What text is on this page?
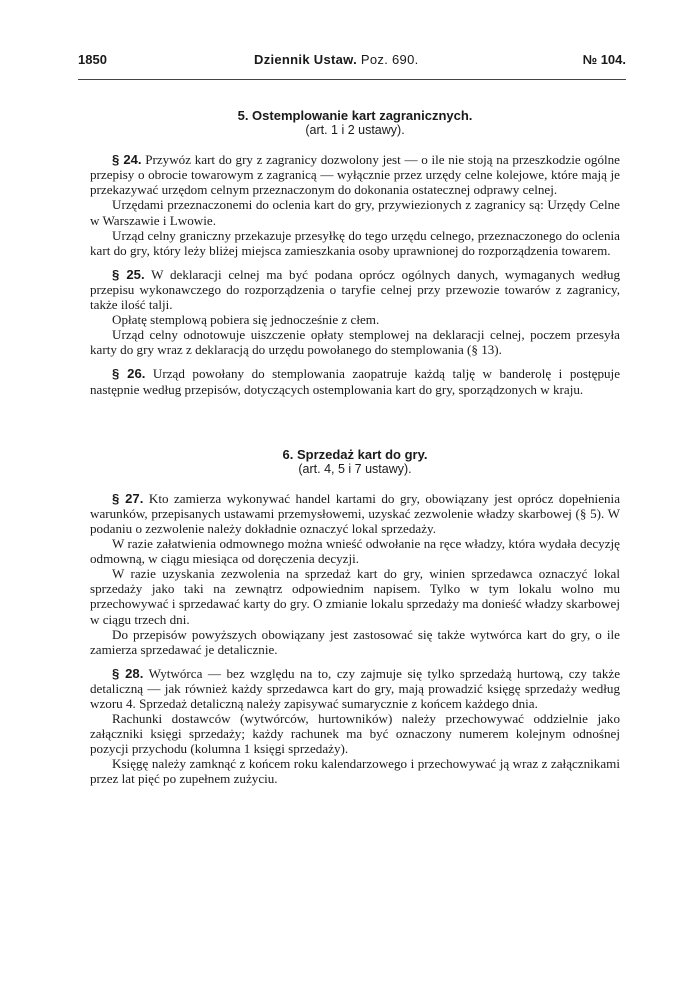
1850	Dziennik Ustaw. Poz. 690.	№ 104.
5. Ostemplowanie kart zagranicznych.
(art. 1 i 2 ustawy).

§ 24. Przywóz kart do gry z zagranicy dozwolony jest — o ile nie stoją na przeszkodzie ogólne przepisy o obrocie towarowym z zagranicą — wyłącznie przez urzędy celne kolejowe, które mają je przekazywać urzędom celnym przeznaczonym do dokonania ostatecznej odprawy celnej.

Urzędami przeznaczonemi do oclenia kart do gry, przywiezionych z zagranicy są: Urzędy Celne w Warszawie i Lwowie.

Urząd celny graniczny przekazuje przesyłkę do tego urzędu celnego, przeznaczonego do oclenia kart do gry, który leży bliżej miejsca zamieszkania osoby uprawnionej do rozporządzenia towarem.

§ 25. W deklaracji celnej ma być podana oprócz ogólnych danych, wymaganych według przepisu wykonawczego do rozporządzenia o taryfie celnej przy przewozie towarów z zagranicy, także ilość talji.

Opłatę stemplową pobiera się jednocześnie z cłem.

Urząd celny odnotowuje uiszczenie opłaty stemplowej na deklaracji celnej, poczem przesyła karty do gry wraz z deklaracją do urzędu powołanego do stemplowania (§ 13).

§ 26. Urząd powołany do stemplowania zaopatruje każdą talję w banderolę i postępuje następnie według przepisów, dotyczących ostemplowania kart do gry, sporządzonych w kraju.

6. Sprzedaż kart do gry.
(art. 4, 5 i 7 ustawy).

§ 27. Kto zamierza wykonywać handel kartami do gry, obowiązany jest oprócz dopełnienia warunków, przepisanych ustawami przemysłowemi, uzyskać zezwolenie władzy skarbowej (§ 5). W podaniu o zezwolenie należy dokładnie oznaczyć lokal sprzedaży.

W razie załatwienia odmownego można wnieść odwołanie na ręce władzy, która wydała decyzję odmowną, w ciągu miesiąca od doręczenia decyzji.

W razie uzyskania zezwolenia na sprzedaż kart do gry, winien sprzedawca oznaczyć lokal sprzedaży jako taki na zewnątrz odpowiednim napisem. Tylko w tym lokalu wolno mu przechowywać i sprzedawać karty do gry. O zmianie lokalu sprzedaży ma donieść władzy skarbowej w ciągu trzech dni.

Do przepisów powyższych obowiązany jest zastosować się także wytwórca kart do gry, o ile zamierza sprzedawać je detalicznie.

§ 28. Wytwórca — bez względu na to, czy zajmuje się tylko sprzedażą hurtową, czy także detaliczną — jak również każdy sprzedawca kart do gry, mają prowadzić księgę sprzedaży według wzoru 4. Sprzedaż detaliczną należy zapisywać sumarycznie z końcem każdego dnia.

Rachunki dostawców (wytwórców, hurtowników) należy przechowywać oddzielnie jako załączniki księgi sprzedaży; każdy rachunek ma być oznaczony numerem kolejnym odnośnej pozycji przychodu (kolumna 1 księgi sprzedaży).

Księgę należy zamknąć z końcem roku kalendarzowego i przechowywać ją wraz z załącznikami przez lat pięć po zupełnem zużyciu.
